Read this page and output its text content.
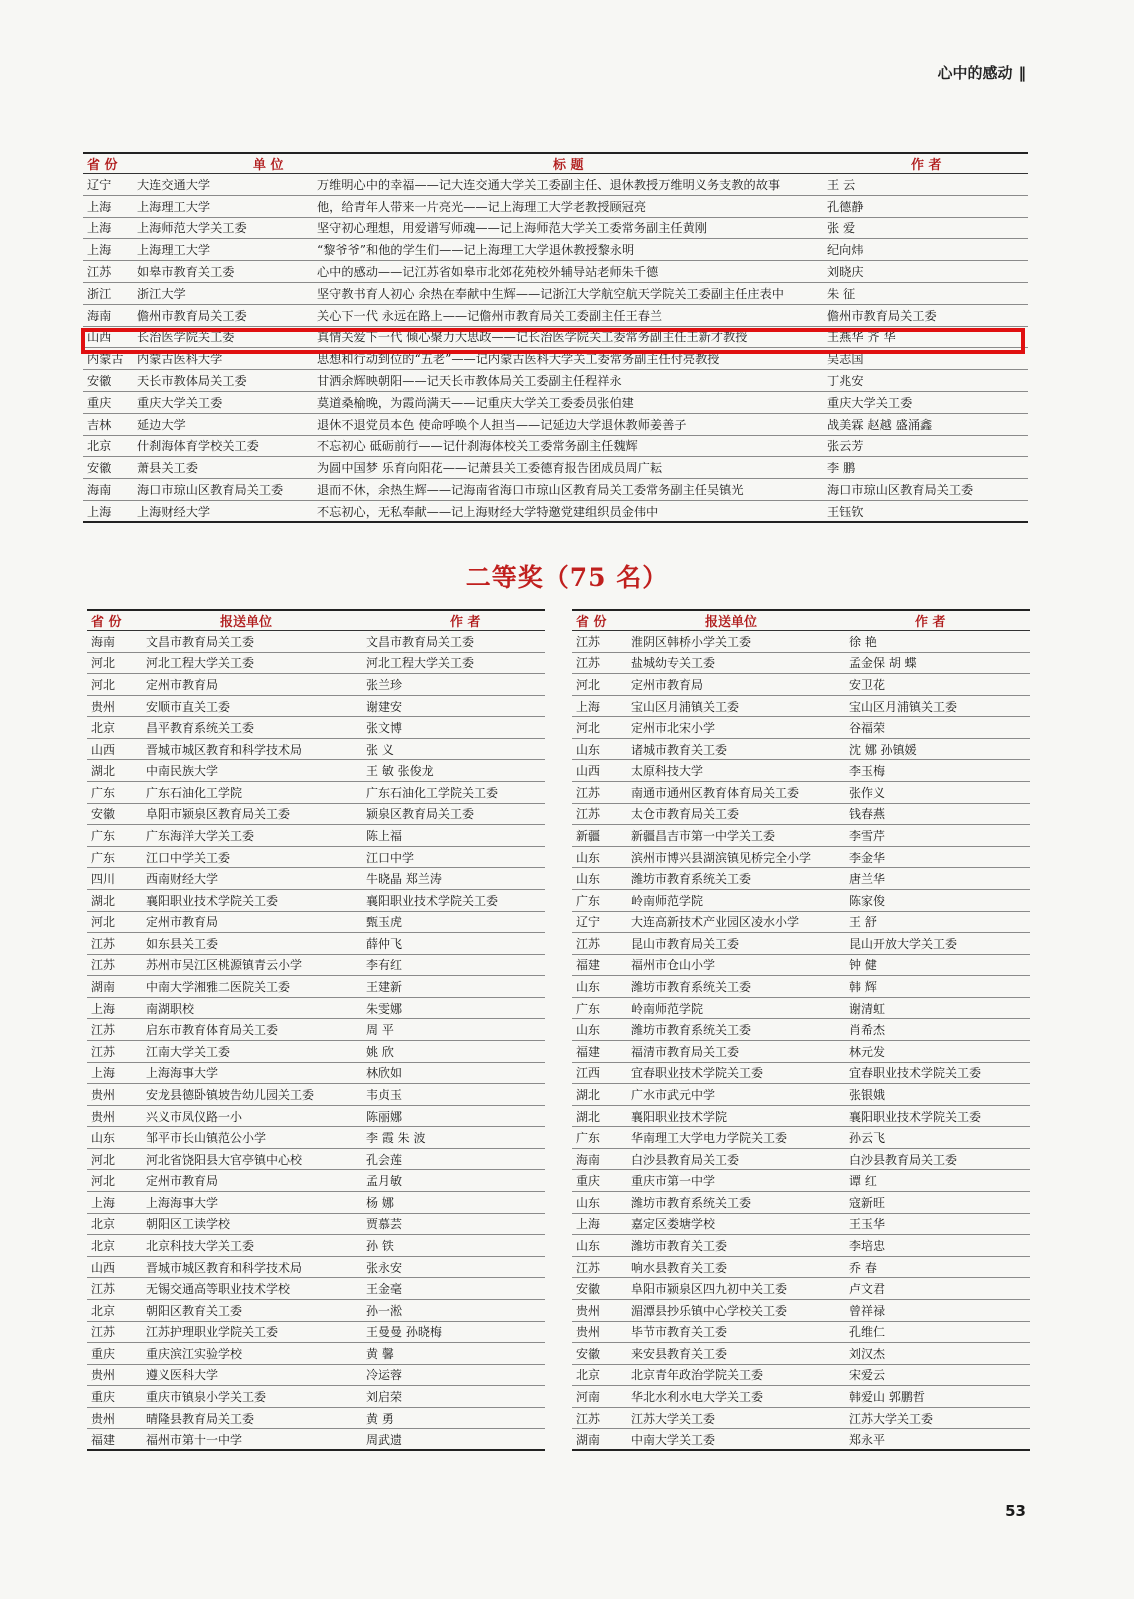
心中的感动 ‖
省 份	单 位	标 题	作 者
辽宁	大连交通大学	万维明心中的幸福——记大连交通大学关工委副主任、退休教授万维明义务支教的故事	王 云
上海	上海理工大学	他，给青年人带来一片亮光——记上海理工大学老教授顾冠亮	孔德静
上海	上海师范大学关工委	坚守初心理想，用爱谱写师魂——记上海师范大学关工委常务副主任黄刚	张 爱
上海	上海理工大学	“黎爷爷”和他的学生们——记上海理工大学退休教授黎永明	纪向炜
江苏	如皋市教育关工委	心中的感动——记江苏省如皋市北郊花苑校外辅导站老师朱千德	刘晓庆
浙江	浙江大学	坚守教书育人初心 余热在奉献中生辉——记浙江大学航空航天学院关工委副主任庄表中	朱 征
海南	儋州市教育局关工委	关心下一代 永远在路上——记儋州市教育局关工委副主任王春兰	儋州市教育局关工委
山西	长治医学院关工委	真情关爱下一代 倾心聚力大思政——记长治医学院关工委常务副主任王新才教授	王燕华 齐 华
内蒙古	内蒙古医科大学	思想和行动到位的“五老”——记内蒙古医科大学关工委常务副主任付亮教授	吴志国
安徽	天长市教体局关工委	甘洒余辉映朝阳——记天长市教体局关工委副主任程祥永	丁兆安
重庆	重庆大学关工委	莫道桑榆晚，为霞尚满天——记重庆大学关工委委员张伯建	重庆大学关工委
吉林	延边大学	退休不退党员本色 使命呼唤个人担当——记延边大学退休教师姜善子	战美霖 赵越 盛涌鑫
北京	什刹海体育学校关工委	不忘初心 砥砺前行——记什刹海体校关工委常务副主任魏辉	张云芳
安徽	萧县关工委	为圆中国梦 乐育向阳花——记萧县关工委德育报告团成员周广耘	李 鹏
海南	海口市琼山区教育局关工委	退而不休，余热生辉——记海南省海口市琼山区教育局关工委常务副主任吴镇光	海口市琼山区教育局关工委
上海	上海财经大学	不忘初心，无私奉献——记上海财经大学特邀党建组织员金伟中	王钰钦
二等奖（75 名）
省 份	报送单位	作 者
海南	文昌市教育局关工委	文昌市教育局关工委
河北	河北工程大学关工委	河北工程大学关工委
河北	定州市教育局	张兰珍
贵州	安顺市直关工委	谢建安
北京	昌平教育系统关工委	张文博
山西	晋城市城区教育和科学技术局	张 义
湖北	中南民族大学	王 敏 张俊龙
广东	广东石油化工学院	广东石油化工学院关工委
安徽	阜阳市颍泉区教育局关工委	颍泉区教育局关工委
广东	广东海洋大学关工委	陈上福
广东	江口中学关工委	江口中学
四川	西南财经大学	牛晓晶 郑兰涛
湖北	襄阳职业技术学院关工委	襄阳职业技术学院关工委
河北	定州市教育局	甄玉虎
江苏	如东县关工委	薛仲飞
江苏	苏州市吴江区桃源镇青云小学	李有红
湖南	中南大学湘雅二医院关工委	王建新
上海	南湖职校	朱雯娜
江苏	启东市教育体育局关工委	周 平
江苏	江南大学关工委	姚 欣
上海	上海海事大学	林欣如
贵州	安龙县德卧镇坡告幼儿园关工委	韦贞玉
贵州	兴义市凤仪路一小	陈丽娜
山东	邹平市长山镇范公小学	李 霞 朱 波
河北	河北省饶阳县大官亭镇中心校	孔会莲
河北	定州市教育局	孟月敏
上海	上海海事大学	杨 娜
北京	朝阳区工读学校	贾慕芸
北京	北京科技大学关工委	孙 铁
山西	晋城市城区教育和科学技术局	张永安
江苏	无锡交通高等职业技术学校	王金毫
北京	朝阳区教育关工委	孙一淞
江苏	江苏护理职业学院关工委	王曼曼 孙晓梅
重庆	重庆滨江实验学校	黄 馨
贵州	遵义医科大学	冷运蓉
重庆	重庆市镇泉小学关工委	刘启荣
贵州	晴隆县教育局关工委	黄 勇
福建	福州市第十一中学	周武遗
省 份	报送单位	作 者
江苏	淮阴区韩桥小学关工委	徐 艳
江苏	盐城幼专关工委	孟金保 胡 蝶
河北	定州市教育局	安卫花
上海	宝山区月浦镇关工委	宝山区月浦镇关工委
河北	定州市北宋小学	谷福荣
山东	诸城市教育关工委	沈 娜 孙镇媛
山西	太原科技大学	李玉梅
江苏	南通市通州区教育体育局关工委	张作义
江苏	太仓市教育局关工委	钱春燕
新疆	新疆昌吉市第一中学关工委	李雪芹
山东	滨州市博兴县湖滨镇见桥完全小学	李金华
山东	潍坊市教育系统关工委	唐兰华
广东	岭南师范学院	陈家俊
辽宁	大连高新技术产业园区凌水小学	王 舒
江苏	昆山市教育局关工委	昆山开放大学关工委
福建	福州市仓山小学	钟 健
山东	潍坊市教育系统关工委	韩 辉
广东	岭南师范学院	谢清虹
山东	潍坊市教育系统关工委	肖希杰
福建	福清市教育局关工委	林元发
江西	宜春职业技术学院关工委	宜春职业技术学院关工委
湖北	广水市武元中学	张银娥
湖北	襄阳职业技术学院	襄阳职业技术学院关工委
广东	华南理工大学电力学院关工委	孙云飞
海南	白沙县教育局关工委	白沙县教育局关工委
重庆	重庆市第一中学	谭 红
山东	潍坊市教育系统关工委	寇新旺
上海	嘉定区娄塘学校	王玉华
山东	潍坊市教育关工委	李培忠
江苏	响水县教育关工委	乔 春
安徽	阜阳市颍泉区四九初中关工委	卢文君
贵州	湄潭县抄乐镇中心学校关工委	曾祥禄
贵州	毕节市教育关工委	孔维仁
安徽	来安县教育关工委	刘汉杰
北京	北京青年政治学院关工委	宋爱云
河南	华北水利水电大学关工委	韩爱山 郭鹏哲
江苏	江苏大学关工委	江苏大学关工委
湖南	中南大学关工委	郑永平
53
